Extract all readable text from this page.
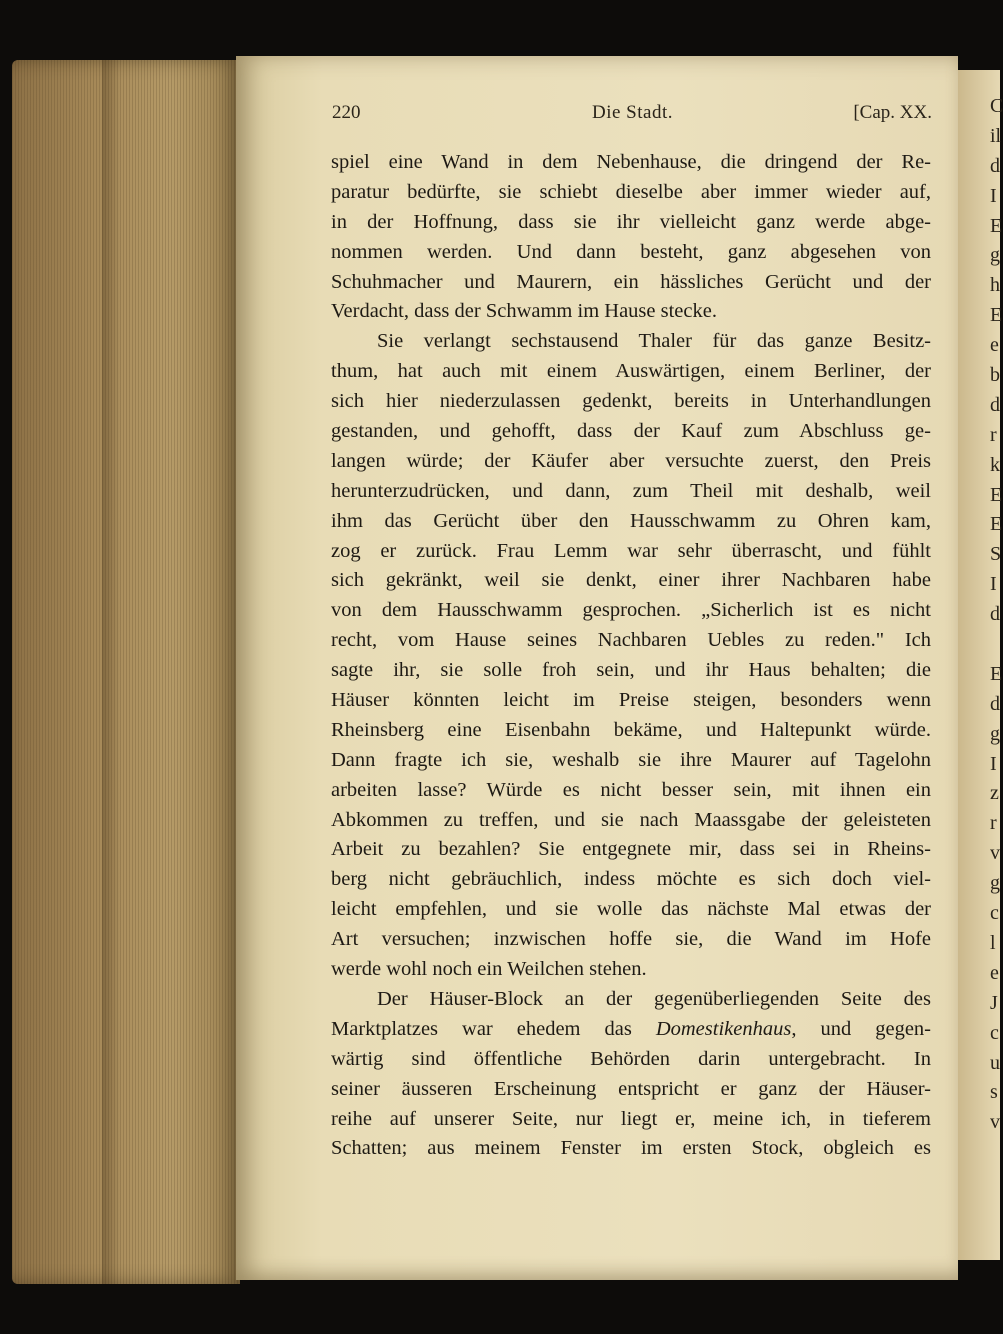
220	Die Stadt.	[Cap. XX.
spiel eine Wand in dem Nebenhause, die dringend der Re-
paratur bedürfte, sie schiebt dieselbe aber immer wieder auf,
in der Hoffnung, dass sie ihr vielleicht ganz werde abge-
nommen werden. Und dann besteht, ganz abgesehen von
Schuhmacher und Maurern, ein hässliches Gerücht und der
Verdacht, dass der Schwamm im Hause stecke.
Sie verlangt sechstausend Thaler für das ganze Besitz-
thum, hat auch mit einem Auswärtigen, einem Berliner, der
sich hier niederzulassen gedenkt, bereits in Unterhandlungen
gestanden, und gehofft, dass der Kauf zum Abschluss ge-
langen würde; der Käufer aber versuchte zuerst, den Preis
herunterzudrücken, und dann, zum Theil mit deshalb, weil
ihm das Gerücht über den Hausschwamm zu Ohren kam,
zog er zurück. Frau Lemm war sehr überrascht, und fühlt
sich gekränkt, weil sie denkt, einer ihrer Nachbaren habe
von dem Hausschwamm gesprochen. „Sicherlich ist es nicht
recht, vom Hause seines Nachbaren Uebles zu reden." Ich
sagte ihr, sie solle froh sein, und ihr Haus behalten; die
Häuser könnten leicht im Preise steigen, besonders wenn
Rheinsberg eine Eisenbahn bekäme, und Haltepunkt würde.
Dann fragte ich sie, weshalb sie ihre Maurer auf Tagelohn
arbeiten lasse? Würde es nicht besser sein, mit ihnen ein
Abkommen zu treffen, und sie nach Maassgabe der geleisteten
Arbeit zu bezahlen? Sie entgegnete mir, dass sei in Rheins-
berg nicht gebräuchlich, indess möchte es sich doch viel-
leicht empfehlen, und sie wolle das nächste Mal etwas der
Art versuchen; inzwischen hoffe sie, die Wand im Hofe
werde wohl noch ein Weilchen stehen.
Der Häuser-Block an der gegenüberliegenden Seite des
Marktplatzes war ehedem das Domestikenhaus, und gegen-
wärtig sind öffentliche Behörden darin untergebracht. In
seiner äusseren Erscheinung entspricht er ganz der Häuser-
reihe auf unserer Seite, nur liegt er, meine ich, in tieferem
Schatten; aus meinem Fenster im ersten Stock, obgleich es
C
il
d
I
E
g
h
E
e
b
d
r
k
E
E
S
I
d
E
d
g
I
z
r
v
g
c
l
e
J
c
u
s
v
